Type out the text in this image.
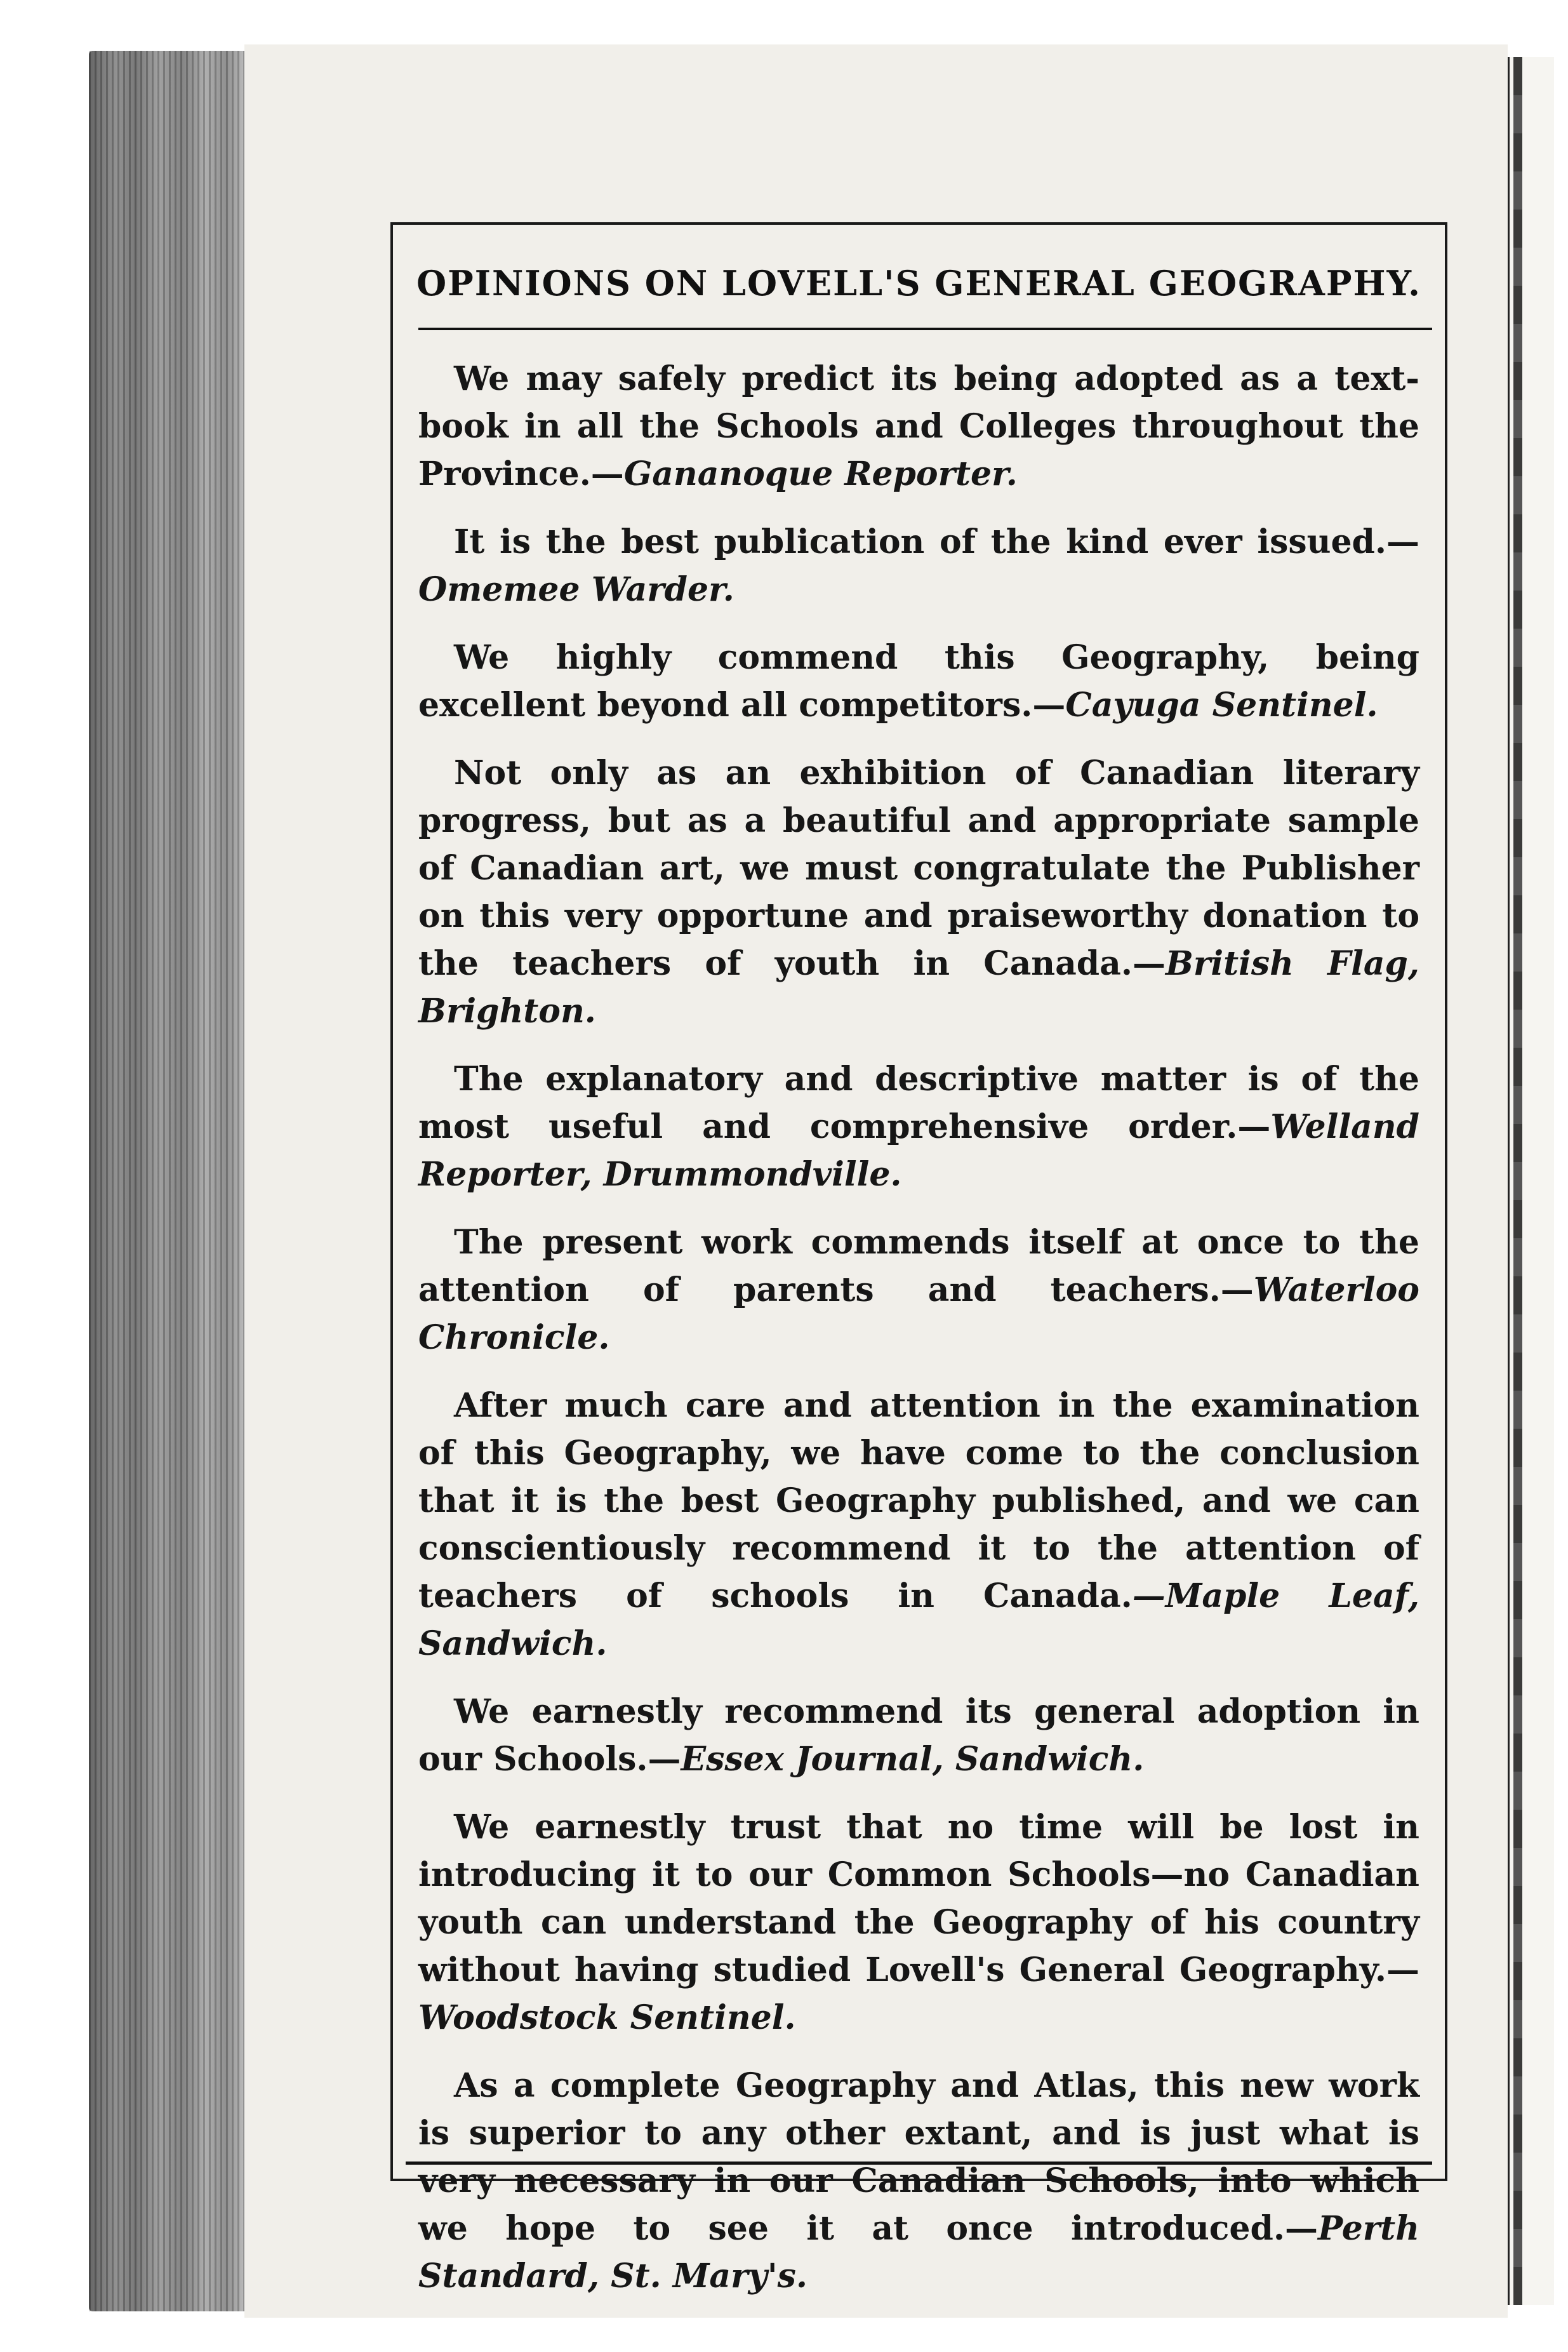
OPINIONS ON LOVELL'S GENERAL GEOGRAPHY.

We may safely predict its being adopted as a text-book in all the Schools and Colleges throughout the Province.—Gananoque Reporter.

It is the best publication of the kind ever issued.—Omemee Warder.

We highly commend this Geography, being excellent beyond all competitors.—Cayuga Sentinel.

Not only as an exhibition of Canadian literary progress, but as a beautiful and appropriate sample of Canadian art, we must congratulate the Publisher on this very opportune and praiseworthy donation to the teachers of youth in Canada.—British Flag, Brighton.

The explanatory and descriptive matter is of the most useful and comprehensive order.—Welland Reporter, Drummondville.

The present work commends itself at once to the attention of parents and teachers.—Waterloo Chronicle.

After much care and attention in the examination of this Geography, we have come to the conclusion that it is the best Geography published, and we can conscientiously recommend it to the attention of teachers of schools in Canada.—Maple Leaf, Sandwich.

We earnestly recommend its general adoption in our Schools.—Essex Journal, Sandwich.

We earnestly trust that no time will be lost in introducing it to our Common Schools—no Canadian youth can understand the Geography of his country without having studied Lovell's General Geography.—Woodstock Sentinel.

As a complete Geography and Atlas, this new work is superior to any other extant, and is just what is very necessary in our Canadian Schools, into which we hope to see it at once introduced.—Perth Standard, St. Mary's.
